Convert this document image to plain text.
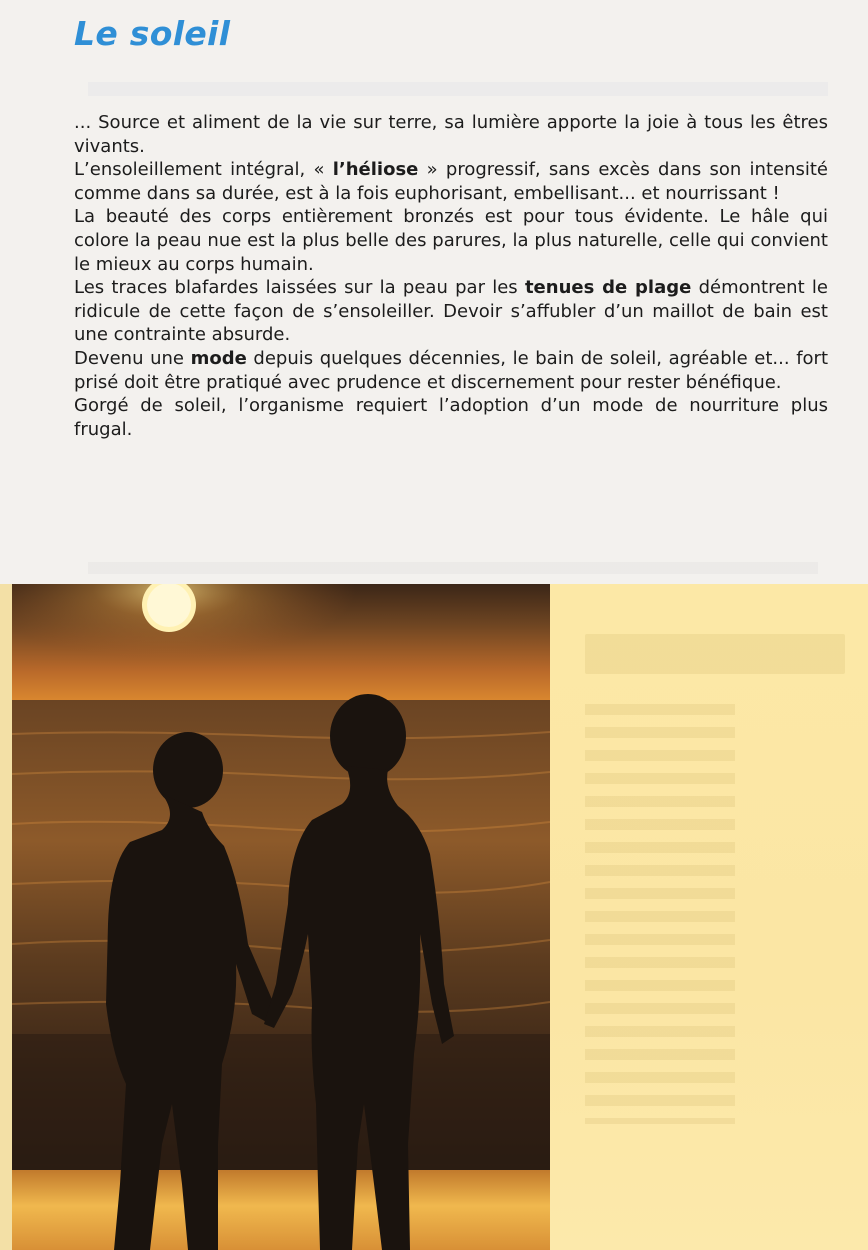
Le soleil

... Source et aliment de la vie sur terre, sa lumière apporte la joie à tous les êtres vivants.

L’ensoleillement intégral, « l’héliose » progressif, sans excès dans son intensité comme dans sa durée, est à la fois euphorisant, embellisant... et nourrissant !

La beauté des corps entièrement bronzés est pour tous évidente. Le hâle qui colore la peau nue est la plus belle des parures, la plus naturelle, celle qui convient le mieux au corps humain.

Les traces blafardes laissées sur la peau par les tenues de plage démontrent le ridicule de cette façon de s’ensoleiller. Devoir s’affubler d’un maillot de bain est une contrainte absurde.

Devenu une mode depuis quelques décennies, le bain de soleil, agréable et... fort prisé doit être pratiqué avec prudence et discernement pour rester bénéfique.

Gorgé de soleil, l’organisme requiert l’adoption d’un mode de nourriture plus frugal.
